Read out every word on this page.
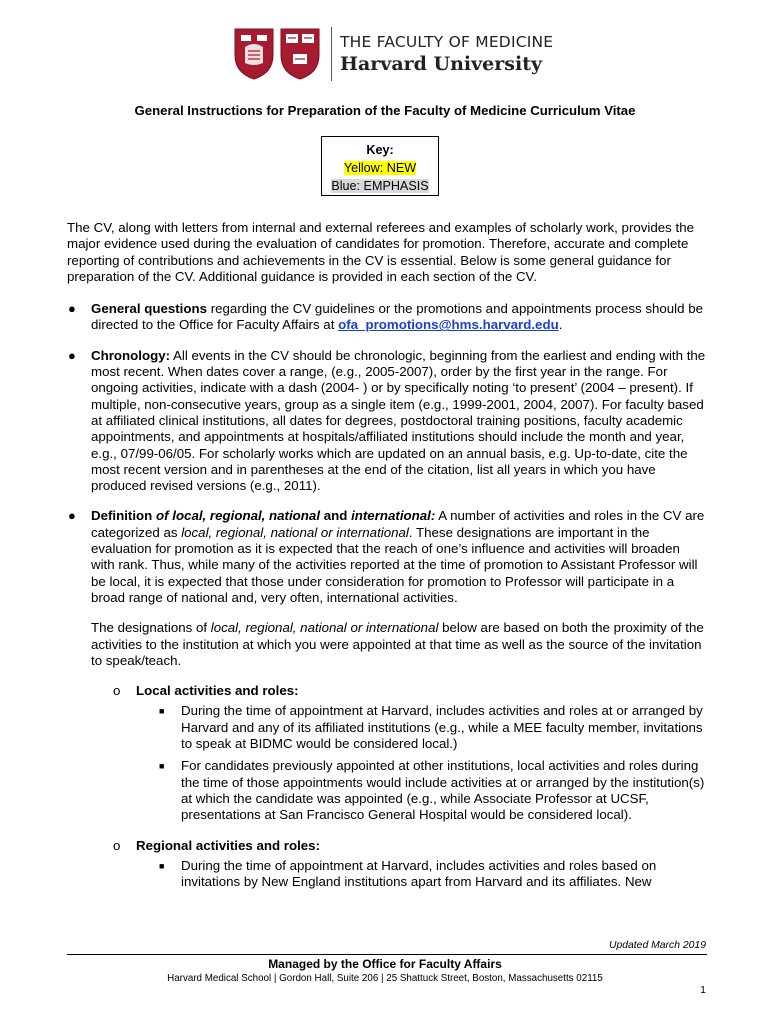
THE FACULTY OF MEDICINE
Harvard University
General Instructions for Preparation of the Faculty of Medicine Curriculum Vitae
Key:
Yellow: NEW
Blue: EMPHASIS

The CV, along with letters from internal and external referees and examples of scholarly work, provides the major evidence used during the evaluation of candidates for promotion. Therefore, accurate and complete reporting of contributions and achievements in the CV is essential. Below is some general guidance for preparation of the CV. Additional guidance is provided in each section of the CV.

● General questions regarding the CV guidelines or the promotions and appointments process should be directed to the Office for Faculty Affairs at ofa_promotions@hms.harvard.edu.
● Chronology: All events in the CV should be chronologic, beginning from the earliest and ending with the most recent. When dates cover a range, (e.g., 2005-2007), order by the first year in the range. For ongoing activities, indicate with a dash (2004- ) or by specifically noting ‘to present’ (2004 – present). If multiple, non-consecutive years, group as a single item (e.g., 1999-2001, 2004, 2007). For faculty based at affiliated clinical institutions, all dates for degrees, postdoctoral training positions, faculty academic appointments, and appointments at hospitals/affiliated institutions should include the month and year, e.g., 07/99-06/05. For scholarly works which are updated on an annual basis, e.g. Up-to-date, cite the most recent version and in parentheses at the end of the citation, list all years in which you have produced revised versions (e.g., 2011).
● Definition of local, regional, national and international: A number of activities and roles in the CV are categorized as local, regional, national or international. These designations are important in the evaluation for promotion as it is expected that the reach of one’s influence and activities will broaden with rank. Thus, while many of the activities reported at the time of promotion to Assistant Professor will be local, it is expected that those under consideration for promotion to Professor will participate in a broad range of national and, very often, international activities.

The designations of local, regional, national or international below are based on both the proximity of the activities to the institution at which you were appointed at that time as well as the source of the invitation to speak/teach.

o Local activities and roles:
■ During the time of appointment at Harvard, includes activities and roles at or arranged by Harvard and any of its affiliated institutions (e.g., while a MEE faculty member, invitations to speak at BIDMC would be considered local.)
■ For candidates previously appointed at other institutions, local activities and roles during the time of those appointments would include activities at or arranged by the institution(s) at which the candidate was appointed (e.g., while Associate Professor at UCSF, presentations at San Francisco General Hospital would be considered local).
o Regional activities and roles:
■ During the time of appointment at Harvard, includes activities and roles based on invitations by New England institutions apart from Harvard and its affiliates. New
Updated March 2019
Managed by the Office for Faculty Affairs
Harvard Medical School | Gordon Hall, Suite 206 | 25 Shattuck Street, Boston, Massachusetts 02115
1
